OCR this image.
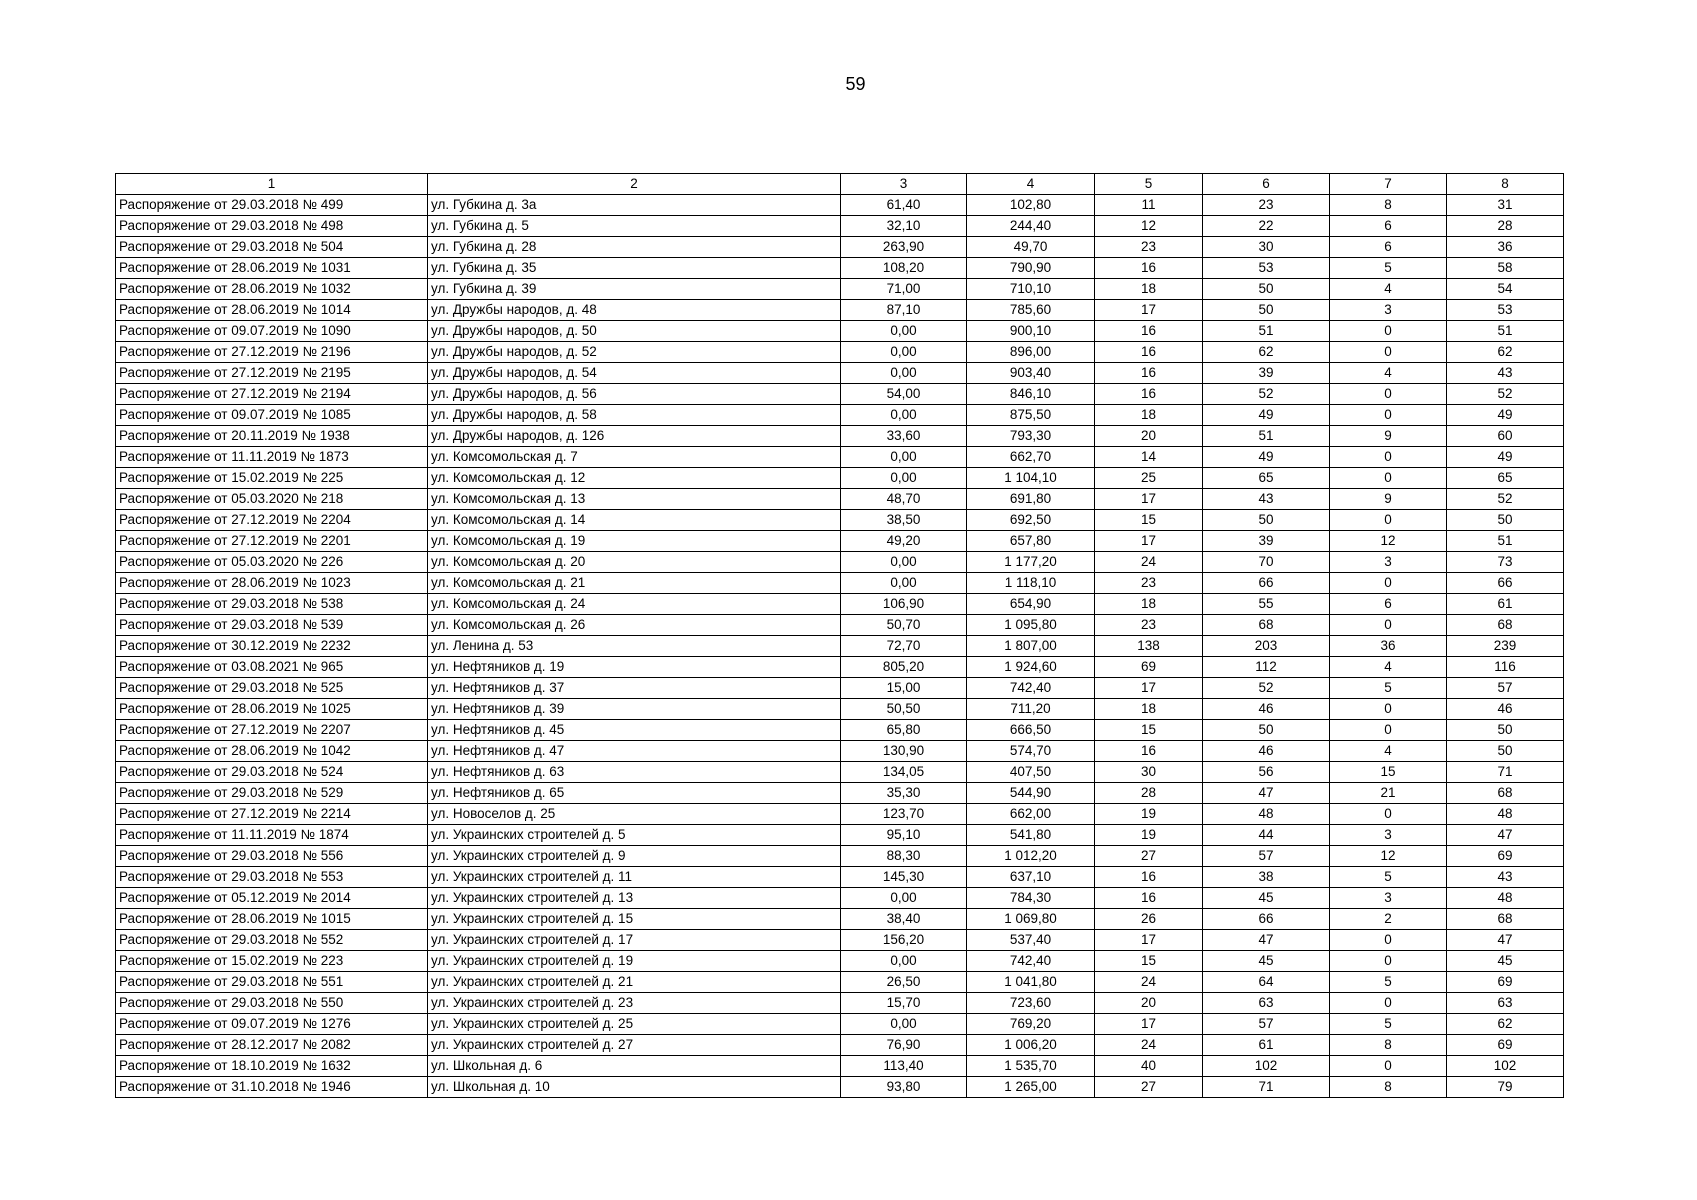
59
1	2	3	4	5	6	7	8
Распоряжение от 29.03.2018 № 499	ул. Губкина д. 3а	61,40	102,80	11	23	8	31
Распоряжение от 29.03.2018 № 498	ул. Губкина д. 5	32,10	244,40	12	22	6	28
Распоряжение от 29.03.2018 № 504	ул. Губкина д. 28	263,90	49,70	23	30	6	36
Распоряжение от 28.06.2019 № 1031	ул. Губкина д. 35	108,20	790,90	16	53	5	58
Распоряжение от 28.06.2019 № 1032	ул. Губкина д. 39	71,00	710,10	18	50	4	54
Распоряжение от 28.06.2019 № 1014	ул. Дружбы народов, д. 48	87,10	785,60	17	50	3	53
Распоряжение от 09.07.2019 № 1090	ул. Дружбы народов, д. 50	0,00	900,10	16	51	0	51
Распоряжение от 27.12.2019 № 2196	ул. Дружбы народов, д. 52	0,00	896,00	16	62	0	62
Распоряжение от 27.12.2019 № 2195	ул. Дружбы народов, д. 54	0,00	903,40	16	39	4	43
Распоряжение от 27.12.2019 № 2194	ул. Дружбы народов, д. 56	54,00	846,10	16	52	0	52
Распоряжение от 09.07.2019 № 1085	ул. Дружбы народов, д. 58	0,00	875,50	18	49	0	49
Распоряжение от 20.11.2019 № 1938	ул. Дружбы народов, д. 126	33,60	793,30	20	51	9	60
Распоряжение от 11.11.2019 № 1873	ул. Комсомольская д. 7	0,00	662,70	14	49	0	49
Распоряжение от 15.02.2019 № 225	ул. Комсомольская д. 12	0,00	1 104,10	25	65	0	65
Распоряжение от 05.03.2020 № 218	ул. Комсомольская д. 13	48,70	691,80	17	43	9	52
Распоряжение от 27.12.2019 № 2204	ул. Комсомольская д. 14	38,50	692,50	15	50	0	50
Распоряжение от 27.12.2019 № 2201	ул. Комсомольская д. 19	49,20	657,80	17	39	12	51
Распоряжение от 05.03.2020 № 226	ул. Комсомольская д. 20	0,00	1 177,20	24	70	3	73
Распоряжение от 28.06.2019 № 1023	ул. Комсомольская д. 21	0,00	1 118,10	23	66	0	66
Распоряжение от 29.03.2018 № 538	ул. Комсомольская д. 24	106,90	654,90	18	55	6	61
Распоряжение от 29.03.2018 № 539	ул. Комсомольская д. 26	50,70	1 095,80	23	68	0	68
Распоряжение от 30.12.2019 № 2232	ул. Ленина д. 53	72,70	1 807,00	138	203	36	239
Распоряжение от 03.08.2021 № 965	ул. Нефтяников д. 19	805,20	1 924,60	69	112	4	116
Распоряжение от 29.03.2018 № 525	ул. Нефтяников д. 37	15,00	742,40	17	52	5	57
Распоряжение от 28.06.2019 № 1025	ул. Нефтяников д. 39	50,50	711,20	18	46	0	46
Распоряжение от 27.12.2019 № 2207	ул. Нефтяников д. 45	65,80	666,50	15	50	0	50
Распоряжение от 28.06.2019 № 1042	ул. Нефтяников д. 47	130,90	574,70	16	46	4	50
Распоряжение от 29.03.2018 № 524	ул. Нефтяников д. 63	134,05	407,50	30	56	15	71
Распоряжение от 29.03.2018 № 529	ул. Нефтяников д. 65	35,30	544,90	28	47	21	68
Распоряжение от 27.12.2019 № 2214	ул. Новоселов д. 25	123,70	662,00	19	48	0	48
Распоряжение от 11.11.2019 № 1874	ул. Украинских строителей д. 5	95,10	541,80	19	44	3	47
Распоряжение от 29.03.2018 № 556	ул. Украинских строителей д. 9	88,30	1 012,20	27	57	12	69
Распоряжение от 29.03.2018 № 553	ул. Украинских строителей д. 11	145,30	637,10	16	38	5	43
Распоряжение от 05.12.2019 № 2014	ул. Украинских строителей д. 13	0,00	784,30	16	45	3	48
Распоряжение от 28.06.2019 № 1015	ул. Украинских строителей д. 15	38,40	1 069,80	26	66	2	68
Распоряжение от 29.03.2018 № 552	ул. Украинских строителей д. 17	156,20	537,40	17	47	0	47
Распоряжение от 15.02.2019 № 223	ул. Украинских строителей д. 19	0,00	742,40	15	45	0	45
Распоряжение от 29.03.2018 № 551	ул. Украинских строителей д. 21	26,50	1 041,80	24	64	5	69
Распоряжение от 29.03.2018 № 550	ул. Украинских строителей д. 23	15,70	723,60	20	63	0	63
Распоряжение от 09.07.2019 № 1276	ул. Украинских строителей д. 25	0,00	769,20	17	57	5	62
Распоряжение от 28.12.2017 № 2082	ул. Украинских строителей д. 27	76,90	1 006,20	24	61	8	69
Распоряжение от 18.10.2019 № 1632	ул. Школьная д. 6	113,40	1 535,70	40	102	0	102
Распоряжение от 31.10.2018 № 1946	ул. Школьная д. 10	93,80	1 265,00	27	71	8	79
